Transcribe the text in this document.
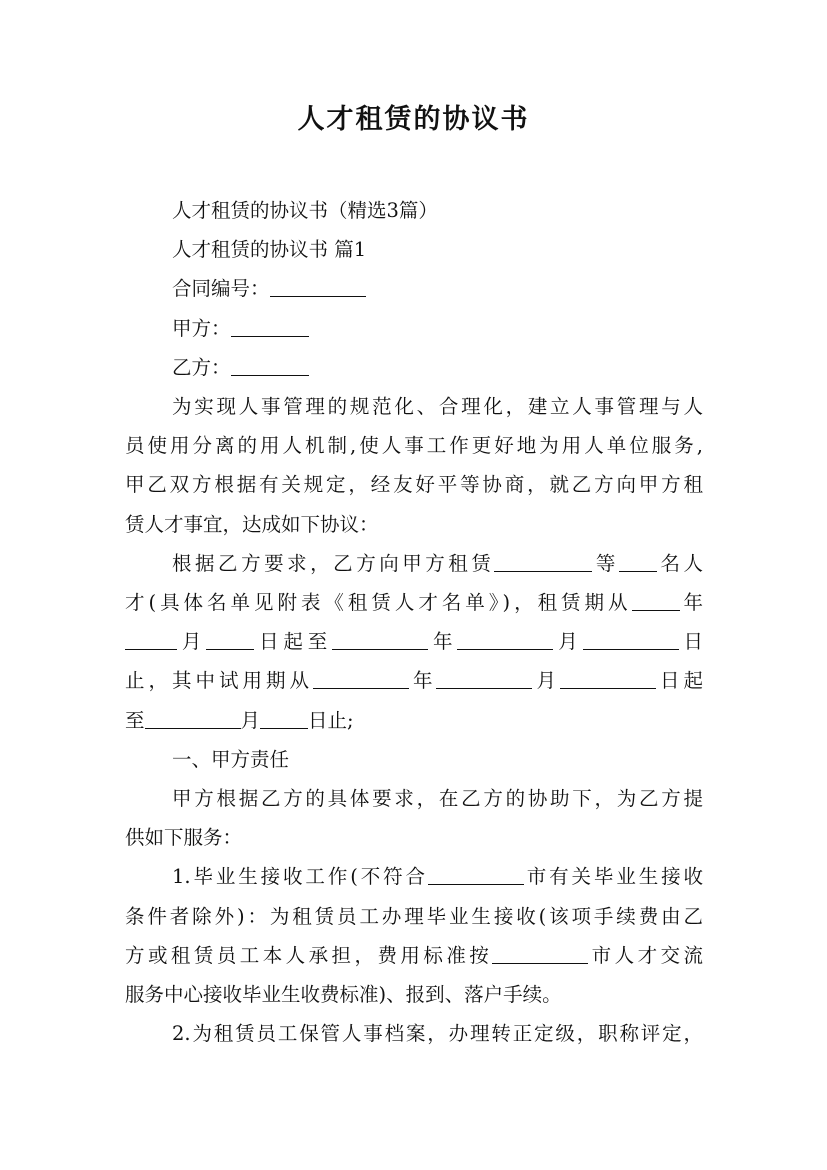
人才租赁的协议书

人才租赁的协议书（精选3篇）

人才租赁的协议书 篇1

合同编号：

甲方：

乙方：

为实现人事管理的规范化、合理化，建立人事管理与人

员使用分离的用人机制,使人事工作更好地为用人单位服务,

甲乙双方根据有关规定，经友好平等协商，就乙方向甲方租

赁人才事宜，达成如下协议：

根据乙方要求，乙方向甲方租赁	等 名人

才(具体名单见附表《租赁人才名单》)，租赁期从 年

月 日起至	年	月	日

止，其中试用期从	年	月	日起

至	月 日止;

一、甲方责任

甲方根据乙方的具体要求，在乙方的协助下，为乙方提

供如下服务：

1.毕业生接收工作(不符合	市有关毕业生接收

条件者除外)：为租赁员工办理毕业生接收(该项手续费由乙

方或租赁员工本人承担，费用标准按	市人才交流

服务中心接收毕业生收费标准)、报到、落户手续。

2.为租赁员工保管人事档案，办理转正定级，职称评定，
